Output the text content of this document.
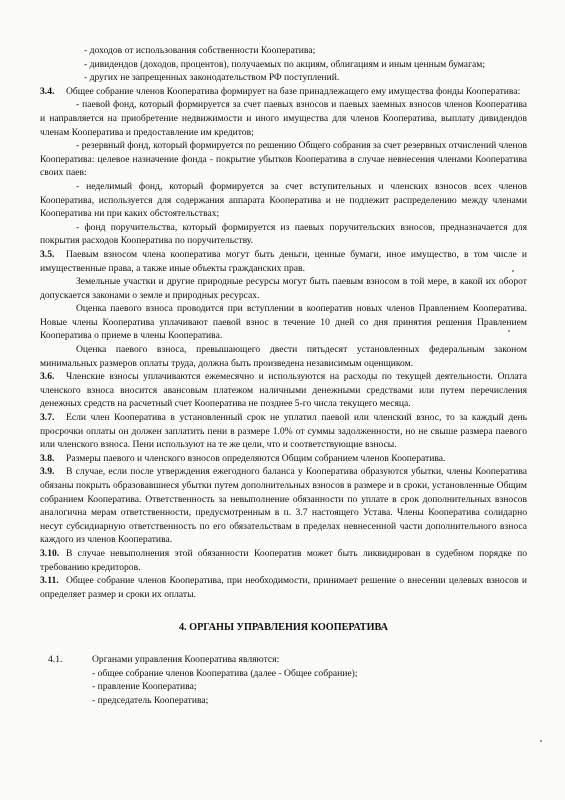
- доходов от использования собственности Кооператива;

- дивидендов (доходов, процентов), получаемых по акциям, облигациям и иным ценным бумагам;

- других не запрещенных законодательством РФ поступлений.

3.4. Общее собрание членов Кооператива формирует на базе принадлежащего ему имущества фонды Кооператива:

- паевой фонд, который формируется за счет паевых взносов и паевых заемных взносов членов Кооператива и направляется на приобретение недвижимости и иного имущества для членов Кооператива, выплату дивидендов членам Кооператива и предоставление им кредитов;

- резервный фонд, который формируется по решению Общего собрания за счет резервных отчислений членов Кооператива: целевое назначение фонда - покрытие убытков Кооператива в случае невнесения членами Кооператива своих паев:

- неделимый фонд, который формируется за счет вступительных и членских взносов всех членов Кооператива, используется для содержания аппарата Кооператива и не подлежит распределению между членами Кооператива ни при каких обстоятельствах;

- фонд поручительства, который формируется из паевых поручительских взносов, предназначается для покрытия расходов Кооператива по поручительству.

3.5. Паевым взносом члена кооператива могут быть деньги, ценные бумаги, иное имущество, в том числе и имущественные права, а также иные объекты гражданских прав.

Земельные участки и другие природные ресурсы могут быть паевым взносом в той мере, в какой их оборот допускается законами о земле и природных ресурсах.

Оценка паевого взноса проводится при вступлении в кооператив новых членов Правлением Кооператива. Новые члены Кооператива уплачивают паевой взнос в течение 10 дней со дня принятия решения Правлением Кооператива о приеме в члены Кооператива.

Оценка паевого взноса, превышающего двести пятьдесят установленных федеральным законом минимальных размеров оплаты труда, должна быть произведена независимым оценщиком.

3.6. Членские взносы уплачиваются ежемесячно и используются на расходы по текущей деятельности. Оплата членского взноса вносится авансовым платежом наличными денежными средствами или путем перечисления денежных средств на расчетный счет Кооператива не позднее 5-го числа текущего месяца.

3.7. Если член Кооператива в установленный срок не уплатил паевой или членский взнос, то за каждый день просрочки оплаты он должен заплатить пени в размере 1.0% от суммы задолженности, но не свыше размера паевого или членского взноса. Пени используют на те же цели, что и соответствующие взносы.

3.8. Размеры паевого и членского взносов определяются Общим собранием членов Кооператива.

3.9. В случае, если после утверждения ежегодного баланса у Кооператива образуются убытки, члены Кооператива обязаны покрыть образовавшиеся убытки путем дополнительных взносов в размере и в сроки, установленные Общим собранием Кооператива. Ответственность за невыполнение обязанности по уплате в срок дополнительных взносов аналогична мерам ответственности, предусмотренным в п. 3.7 настоящего Устава. Члены Кооператива солидарно несут субсидиарную ответственность по его обязательствам в пределах невнесенной части дополнительного взноса каждого из членов Кооператива.

3.10. В случае невыполнения этой обязанности Кооператив может быть ликвидирован в судебном порядке по требованию кредиторов.

3.11. Общее собрание членов Кооператива, при необходимости, принимает решение о внесении целевых взносов и определяет размер и сроки их оплаты.

4. ОРГАНЫ УПРАВЛЕНИЯ КООПЕРАТИВА
4.1.	Органами управления Кооператива являются:

- общее собрание членов Кооператива (далее - Общее собрание);

- правление Кооператива;

- председатель Кооператива;
